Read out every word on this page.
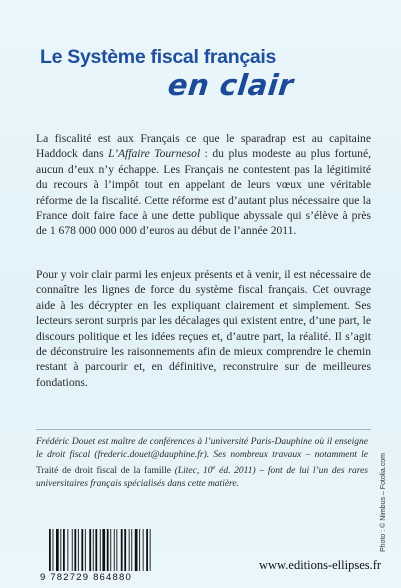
Le Système fiscal français
en clair

La fiscalité est aux Français ce que le sparadrap est au capitaine Haddock dans L’Affaire Tournesol : du plus modeste au plus fortuné, aucun d’eux n’y échappe. Les Français ne contestent pas la légitimité du recours à l’impôt tout en appelant de leurs vœux une véritable réforme de la fiscalité. Cette réforme est d’autant plus nécessaire que la France doit faire face à une dette publique abyssale qui s’élève à près de 1 678 000 000 000 d’euros au début de l’année 2011.

Pour y voir clair parmi les enjeux présents et à venir, il est nécessaire de connaître les lignes de force du système fiscal français. Cet ouvrage aide à les décrypter en les expliquant clairement et simplement. Ses lecteurs seront surpris par les décalages qui existent entre, d’une part, le discours politique et les idées reçues et, d’autre part, la réalité. Il s’agit de déconstruire les raisonnements afin de mieux comprendre le chemin restant à parcourir et, en définitive, reconstruire sur de meilleures fondations.

Frédéric Douet est maître de conférences à l’université Paris-Dauphine où il enseigne le droit fiscal (frederic.douet@dauphine.fr). Ses nombreux travaux – notamment le Traité de droit fiscal de la famille (Litec, 10e éd. 2011) – font de lui l’un des rares universitaires français spécialisés dans cette matière.	Photo : © Nimbus – Fotolia.com
9 782729 864880
www.editions-ellipses.fr
